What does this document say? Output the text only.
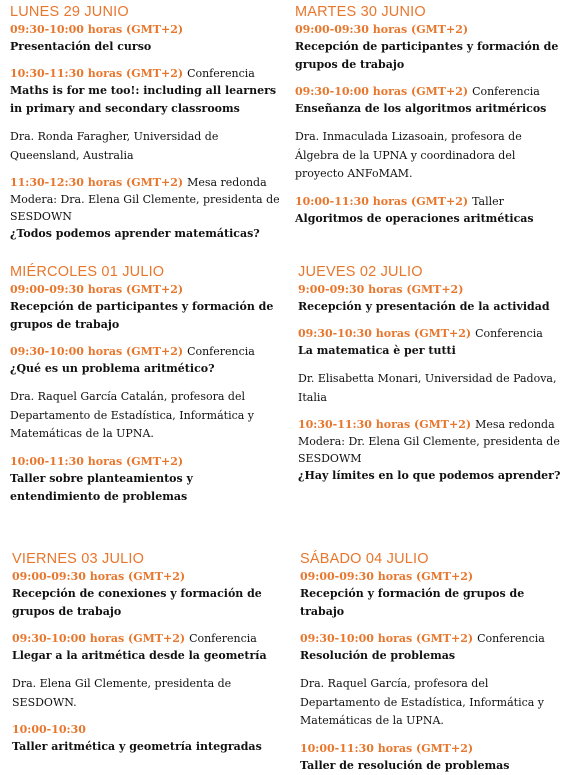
LUNES 29 JUNIO
09:30-10:00 horas (GMT+2)
Presentación del curso
10:30-11:30 horas (GMT+2) Conferencia
Maths is for me too!: including all learners in primary and secondary classrooms
Dra. Ronda Faragher, Universidad de Queensland, Australia
11:30-12:30 horas (GMT+2) Mesa redonda
Modera: Dra. Elena Gil Clemente, presidenta de SESDOWN
¿Todos podemos aprender matemáticas?
MARTES 30 JUNIO
09:00-09:30 horas (GMT+2)
Recepción de participantes y formación de grupos de trabajo
09:30-10:00 horas (GMT+2) Conferencia
Enseñanza de los algoritmos aritméricos
Dra. Inmaculada Lizasoain, profesora de Álgebra de la UPNA y coordinadora del proyecto ANFoMAM.
10:00-11:30 horas (GMT+2) Taller
Algoritmos de operaciones aritméticas
MIÉRCOLES 01 JULIO
09:00-09:30 horas (GMT+2)
Recepción de participantes y formación de grupos de trabajo
09:30-10:00 horas (GMT+2) Conferencia
¿Qué es un problema aritmético?
Dra. Raquel García Catalán, profesora del Departamento de Estadística, Informática y Matemáticas de la UPNA.
10:00-11:30 horas (GMT+2)
Taller sobre planteamientos y entendimiento de problemas
JUEVES 02 JULIO
9:00-09:30 horas (GMT+2)
Recepción y presentación de la actividad
09:30-10:30 horas (GMT+2) Conferencia
La matematica è per tutti
Dr. Elisabetta Monari, Universidad de Padova, Italia
10:30-11:30 horas (GMT+2) Mesa redonda
Modera: Dr. Elena Gil Clemente, presidenta de SESDOWM
¿Hay límites en lo que podemos aprender?
VIERNES 03 JULIO
09:00-09:30 horas (GMT+2)
Recepción de conexiones y formación de grupos de trabajo
09:30-10:00 horas (GMT+2) Conferencia
Llegar a la aritmética desde la geometría
Dra. Elena Gil Clemente, presidenta de SESDOWN.
10:00-10:30
Taller aritmética y geometría integradas
SÁBADO 04 JULIO
09:00-09:30 horas (GMT+2)
Recepción y formación de grupos de trabajo
09:30-10:00 horas (GMT+2) Conferencia
Resolución de problemas
Dra. Raquel García, profesora del Departamento de Estadística, Informática y Matemáticas de la UPNA.
10:00-11:30 horas (GMT+2)
Taller de resolución de problemas
